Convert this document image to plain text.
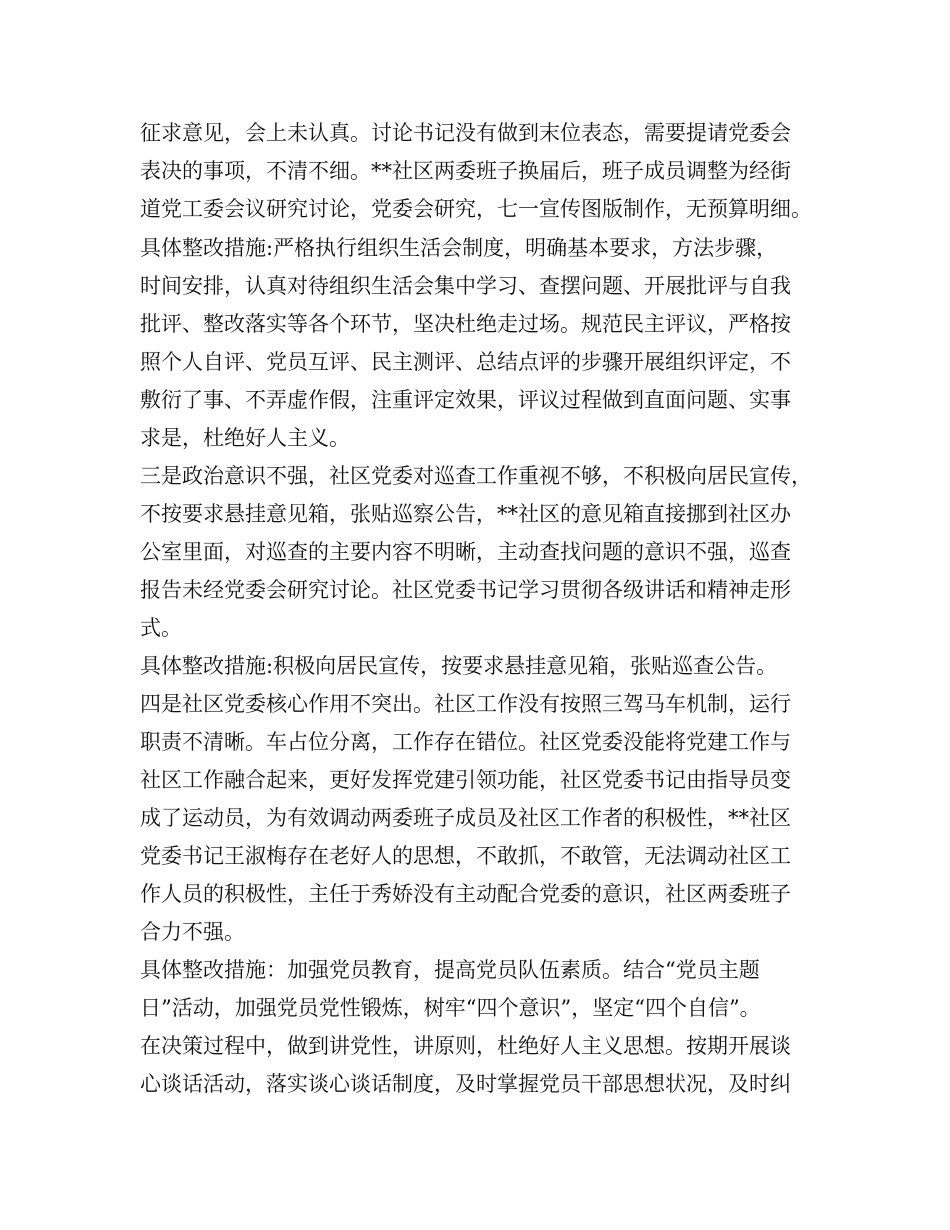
征求意见，会上未认真。讨论书记没有做到末位表态，需要提请党委会
表决的事项，不清不细。**社区两委班子换届后，班子成员调整为经街
道党工委会议研究讨论，党委会研究，七一宣传图版制作，无预算明细。
具体整改措施:严格执行组织生活会制度，明确基本要求，方法步骤，
时间安排，认真对待组织生活会集中学习、查摆问题、开展批评与自我
批评、整改落实等各个环节，坚决杜绝走过场。规范民主评议，严格按
照个人自评、党员互评、民主测评、总结点评的步骤开展组织评定，不
敷衍了事、不弄虚作假，注重评定效果，评议过程做到直面问题、实事
求是，杜绝好人主义。
三是政治意识不强，社区党委对巡查工作重视不够，不积极向居民宣传，
不按要求悬挂意见箱，张贴巡察公告，**社区的意见箱直接挪到社区办
公室里面，对巡查的主要内容不明晰，主动查找问题的意识不强，巡查
报告未经党委会研究讨论。社区党委书记学习贯彻各级讲话和精神走形
式。
具体整改措施:积极向居民宣传，按要求悬挂意见箱，张贴巡查公告。
四是社区党委核心作用不突出。社区工作没有按照三驾马车机制，运行
职责不清晰。车占位分离，工作存在错位。社区党委没能将党建工作与
社区工作融合起来，更好发挥党建引领功能，社区党委书记由指导员变
成了运动员，为有效调动两委班子成员及社区工作者的积极性，**社区
党委书记王淑梅存在老好人的思想，不敢抓，不敢管，无法调动社区工
作人员的积极性，主任于秀娇没有主动配合党委的意识，社区两委班子
合力不强。
具体整改措施：加强党员教育，提高党员队伍素质。结合“党员主题
日”活动，加强党员党性锻炼，树牢“四个意识”，坚定“四个自信”。
在决策过程中，做到讲党性，讲原则，杜绝好人主义思想。按期开展谈
心谈话活动，落实谈心谈话制度，及时掌握党员干部思想状况，及时纠
